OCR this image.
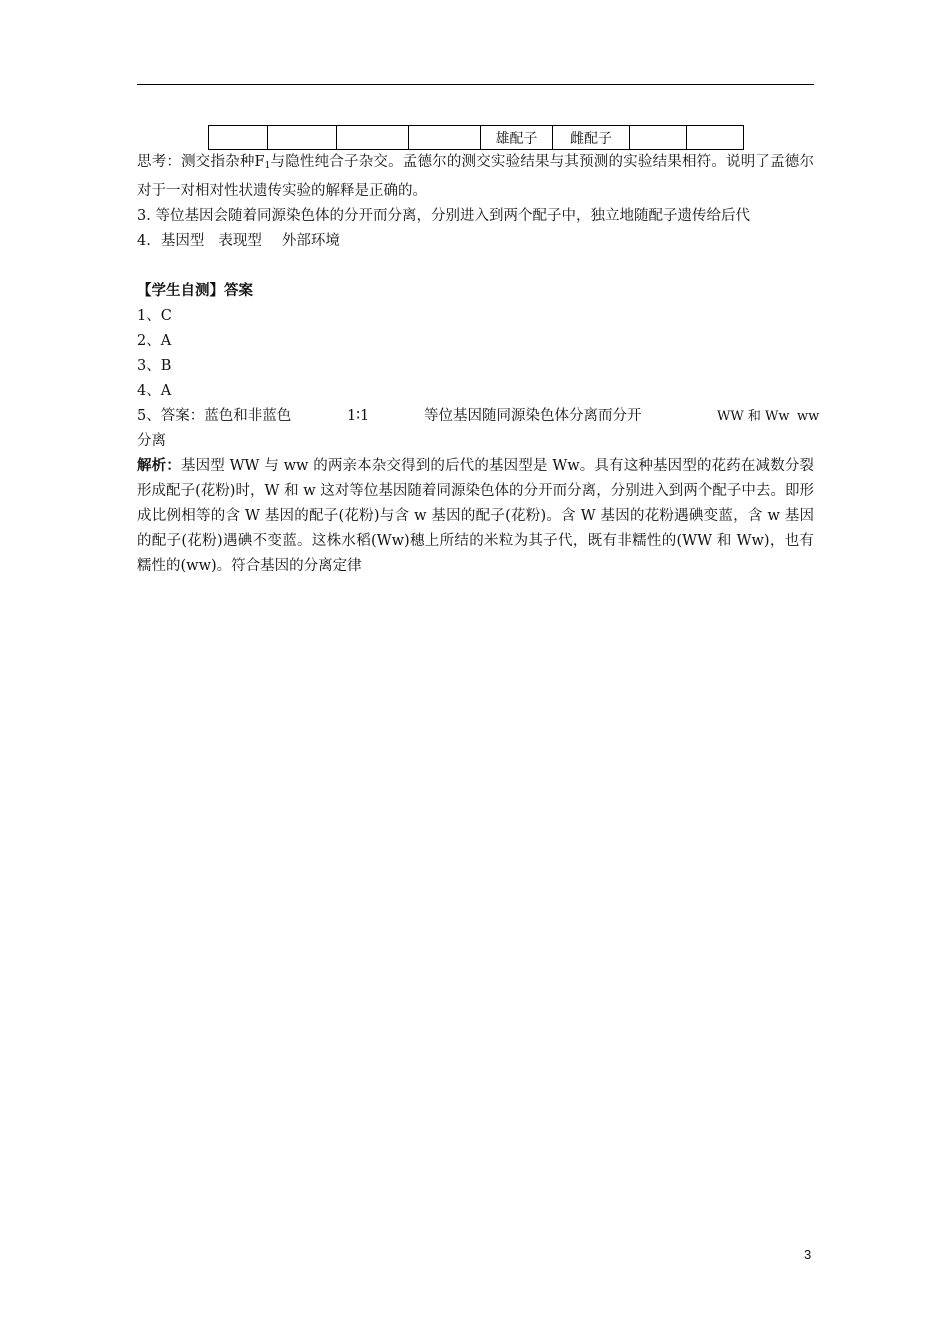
				雄配子	雌配子		
思考：测交指杂种$F_1$与隐性纯合子杂交。孟德尔的测交实验结果与其预测的实验结果相符。说明了孟德尔对于一对相对性状遗传实验的解释是正确的。
3. 等位基因会随着同源染色体的分开而分离，分别进入到两个配子中，独立地随配子遗传给后代
4. 基因型 表现型 外部环境
【学生自测】答案
1、C
2、A
3、B
4、A
5、答案：蓝色和非蓝色	1∶1	等位基因随同源染色体分离而分开	WW 和 Ww ww
分离
解析：基因型 WW 与 ww 的两亲本杂交得到的后代的基因型是 Ww。具有这种基因型的花药在减数分裂形成配子(花粉)时，W 和 w 这对等位基因随着同源染色体的分开而分离，分别进入到两个配子中去。即形成比例相等的含 W 基因的配子(花粉)与含 w 基因的配子(花粉)。含 W 基因的花粉遇碘变蓝，含 w 基因的配子(花粉)遇碘不变蓝。这株水稻(Ww)穗上所结的米粒为其子代，既有非糯性的(WW 和 Ww)，也有糯性的(ww)。符合基因的分离定律
3
